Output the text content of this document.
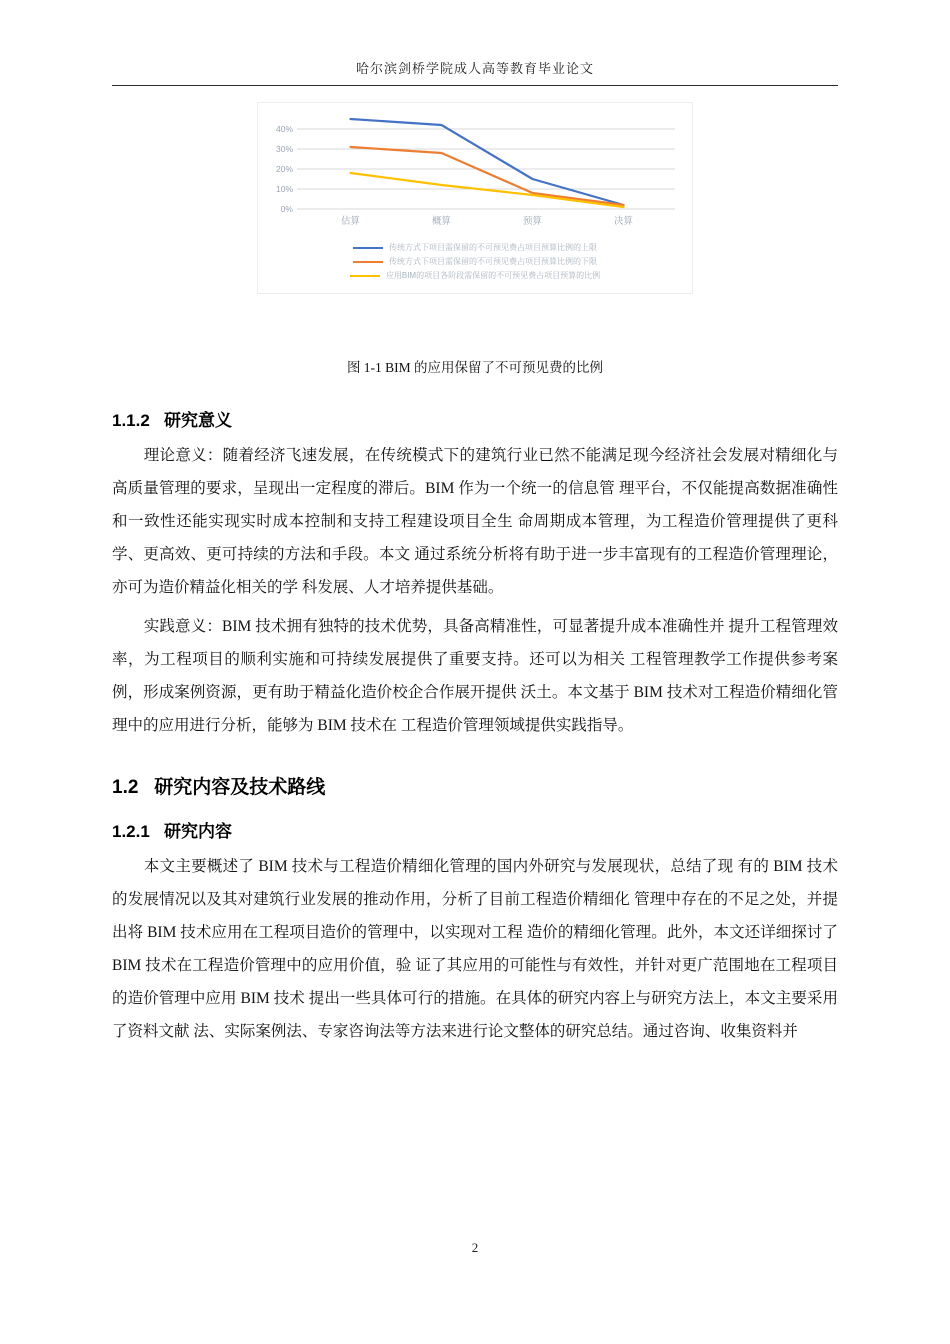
哈尔滨剑桥学院成人高等教育毕业论文
0%
10%
20%
30%
40%
估算	概算	预算	决算
传统方式下项目需保留的不可预见费占项目预算比例的上限
传统方式下项目需保留的不可预见费占项目预算比例的下限
应用BIM的项目各阶段需保留的不可预见费占项目预算的比例
图 1-1 BIM 的应用保留了不可预见费的比例
1.1.2   研究意义

理论意义：随着经济飞速发展，在传统模式下的建筑行业已然不能满足现今经济社会发展对精细化与高质量管理的要求，呈现出一定程度的滞后。BIM 作为一个统一的信息管 理平台，不仅能提高数据准确性和一致性还能实现实时成本控制和支持工程建设项目全生 命周期成本管理，为工程造价管理提供了更科学、更高效、更可持续的方法和手段。本文 通过系统分析将有助于进一步丰富现有的工程造价管理理论，亦可为造价精益化相关的学 科发展、人才培养提供基础。

实践意义：BIM 技术拥有独特的技术优势，具备高精准性，可显著提升成本准确性并 提升工程管理效率，为工程项目的顺利实施和可持续发展提供了重要支持。还可以为相关 工程管理教学工作提供参考案例，形成案例资源，更有助于精益化造价校企合作展开提供 沃土。本文基于 BIM 技术对工程造价精细化管理中的应用进行分析，能够为 BIM 技术在 工程造价管理领域提供实践指导。

1.2   研究内容及技术路线
1.2.1   研究内容

本文主要概述了 BIM 技术与工程造价精细化管理的国内外研究与发展现状，总结了现 有的 BIM 技术的发展情况以及其对建筑行业发展的推动作用，分析了目前工程造价精细化 管理中存在的不足之处，并提出将 BIM 技术应用在工程项目造价的管理中，以实现对工程 造价的精细化管理。此外，本文还详细探讨了 BIM 技术在工程造价管理中的应用价值，验 证了其应用的可能性与有效性，并针对更广范围地在工程项目的造价管理中应用 BIM 技术 提出一些具体可行的措施。在具体的研究内容上与研究方法上，本文主要采用了资料文献 法、实际案例法、专家咨询法等方法来进行论文整体的研究总结。通过咨询、收集资料并

2
